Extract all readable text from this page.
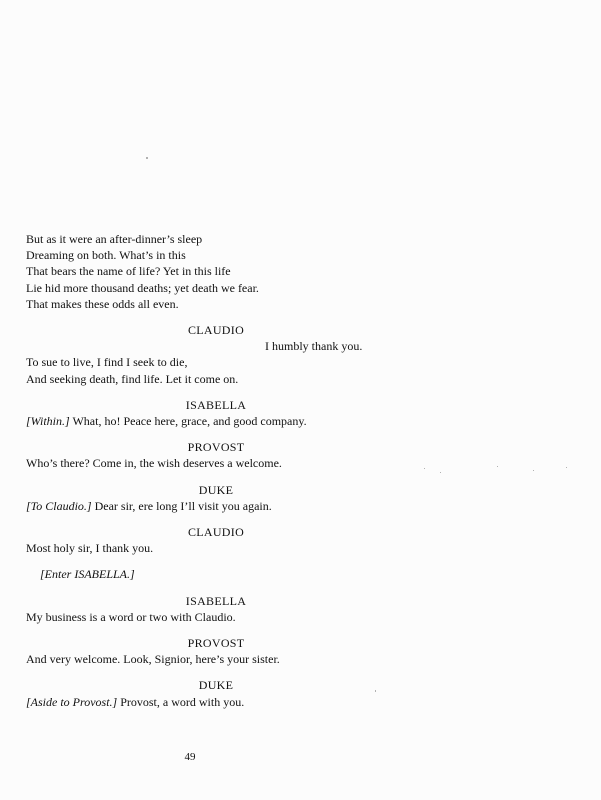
But as it were an after-dinner’s sleep
Dreaming on both. What’s in this
That bears the name of life? Yet in this life
Lie hid more thousand deaths; yet death we fear.
That makes these odds all even.
CLAUDIO
I humbly thank you.
To sue to live, I find I seek to die,
And seeking death, find life. Let it come on.
ISABELLA
[Within.] What, ho! Peace here, grace, and good company.
PROVOST
Who’s there? Come in, the wish deserves a welcome.
DUKE
[To Claudio.] Dear sir, ere long I’ll visit you again.
CLAUDIO
Most holy sir, I thank you.
[Enter ISABELLA.]
ISABELLA
My business is a word or two with Claudio.
PROVOST
And very welcome. Look, Signior, here’s your sister.
DUKE
[Aside to Provost.] Provost, a word with you.
49
